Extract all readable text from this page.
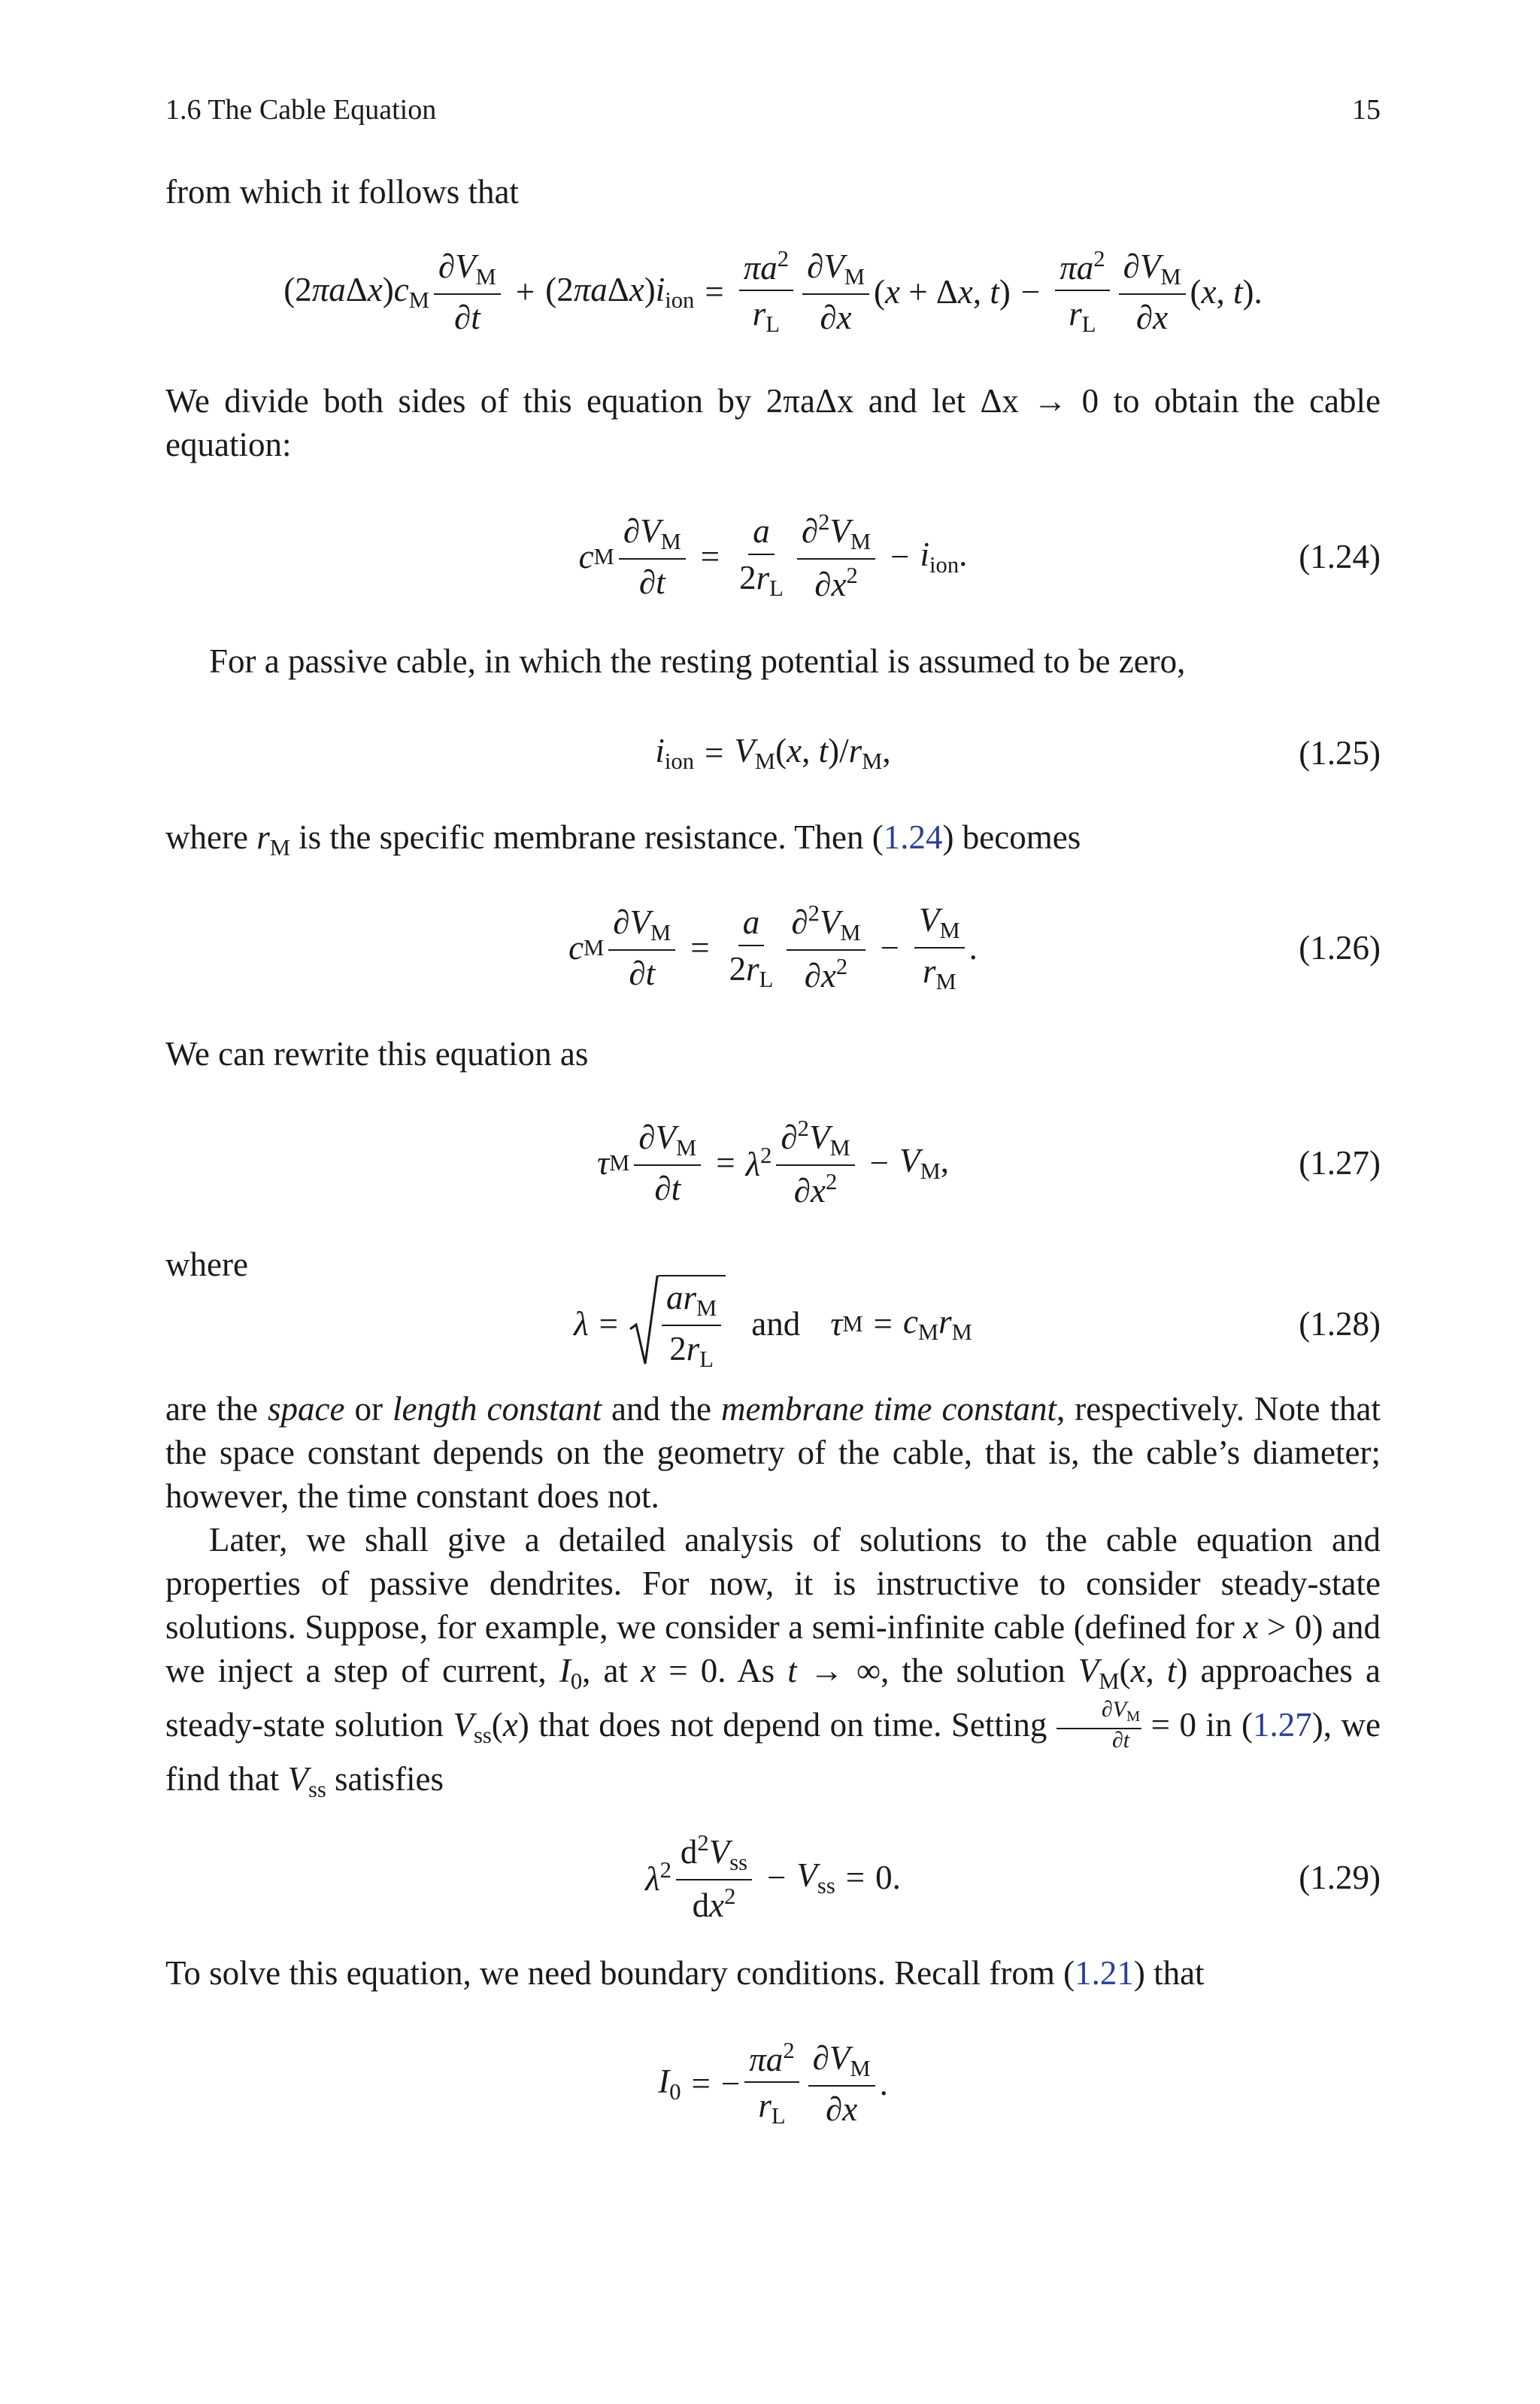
1.6 The Cable Equation	15

from which it follows that

$(2\pi a\Delta x)c_M \frac{\partial V_M}{\partial t} + (2\pi a\Delta x)i_{ion} = \frac{\pi a^2}{r_L} \frac{\partial V_M}{\partial x} (x + \Delta x$, $t) - \frac{\pi a^2}{r_L} \frac{\partial V_M}{\partial x} (x$, t).

We divide both sides of this equation by 2πaΔx and let Δx → 0 to obtain the cable equation:

c M $\frac{\partial V_M}{\partial t} = \frac{a}{2r_L} \frac{\partial^2V_M}{\partial x^2} - i_{ion}$.	(1.24)

For a passive cable, in which the resting potential is assumed to be zero,

$i_{ion} = V_M(x$, $t)/r_M$,	(1.25)

where $r_M$ is the specific membrane resistance. Then (1.24) becomes

c M $\frac{\partial V_M}{\partial t} = \frac{a}{2r_L} \frac{\partial^2V_M}{\partial x^2} - \frac{V_M}{r_M}$ .	(1.26)

We can rewrite this equation as

τ M $\frac{\partial V_M}{\partial t} = \lambda^2 \frac{\partial^2V_M}{\partial x^2} - V_M$,	(1.27)

where

$\lambda = \frac{ar_M}{2r_L}$ and τ $M = c_Mr_M$	(1.28)

are the space or length constant and the membrane time constant, respectively. Note that the space constant depends on the geometry of the cable, that is, the cable’s diameter; however, the time constant does not.

Later, we shall give a detailed analysis of solutions to the cable equation and properties of passive dendrites. For now, it is instructive to consider steady-state solutions. Suppose, for example, we consider a semi-infinite cable (defined for x > 0) and we inject a step of current, $I_0$, at x = 0. As t → ∞, the solution $V_M(x$, t) approaches a steady-state solution $V_{ss}(x)$ that does not depend on time. Setting $\frac{\partial V_M}{\partial t} = 0$ in (1.27), we find that $V_{ss}$ satisfies

$\lambda^2 \frac{d^2V_{ss}}{dx^2} - V_{ss} = 0$.	(1.29)

To solve this equation, we need boundary conditions. Recall from (1.21) that

$I_0$ = − $\frac{\pi a^2}{r_L} \frac{\partial V_M}{\partial x}$ .
